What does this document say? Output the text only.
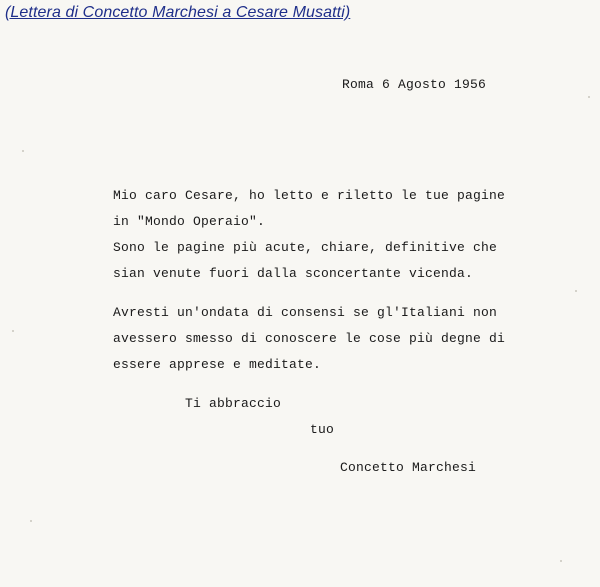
(Lettera di Concetto Marchesi a Cesare Musatti)
Roma 6 Agosto 1956
Mio caro Cesare, ho letto e riletto le tue pagine
in "Mondo Operaio".
Sono le pagine più acute, chiare, definitive che
sian venute fuori dalla sconcertante vicenda.
Avresti un'ondata di consensi se gl'Italiani non
avessero smesso di conoscere le cose più degne di
essere apprese e meditate.
Ti abbraccio
tuo
Concetto Marchesi
